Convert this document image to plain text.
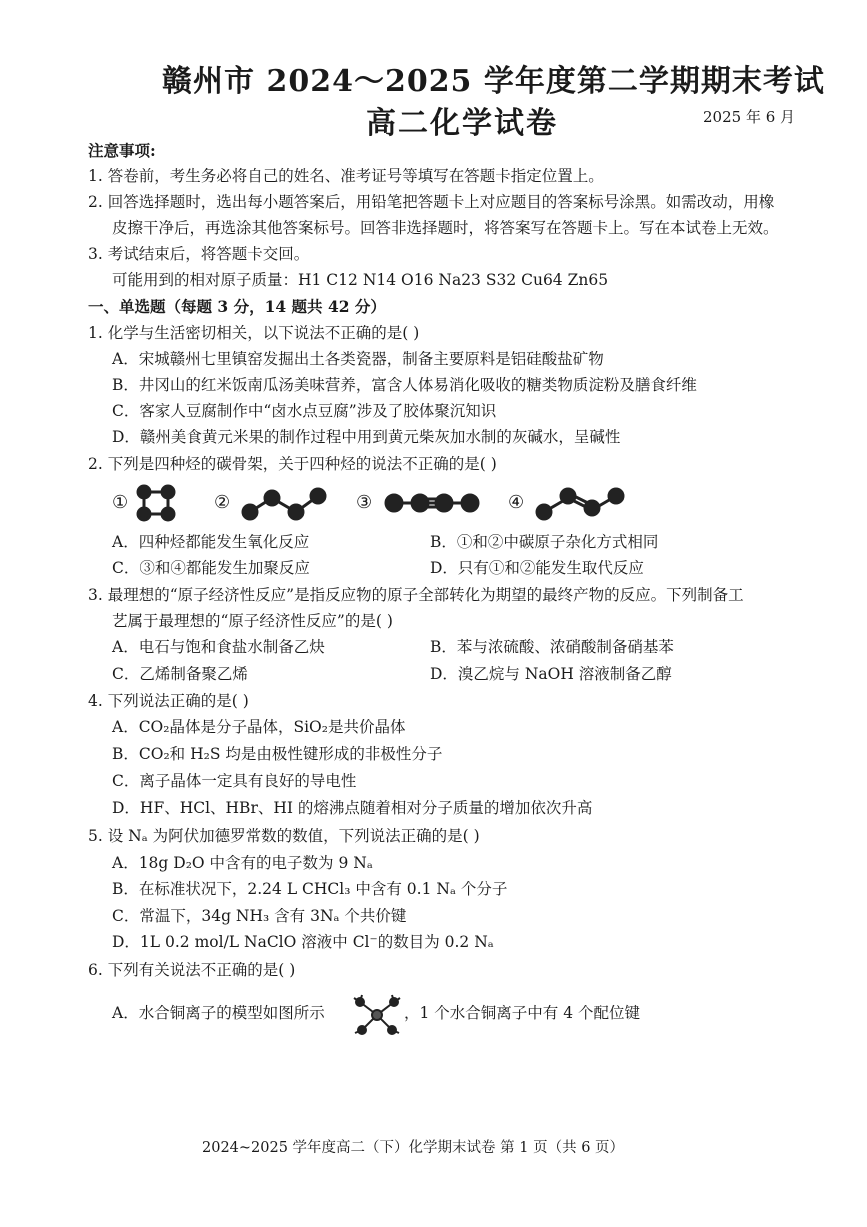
赣州市 2024～2025 学年度第二学期期末考试
高二化学试卷	2025 年 6 月
注意事项:
1. 答卷前，考生务必将自己的姓名、准考证号等填写在答题卡指定位置上。
2. 回答选择题时，选出每小题答案后，用铅笔把答题卡上对应题目的答案标号涂黑。如需改动，用橡
皮擦干净后，再选涂其他答案标号。回答非选择题时，将答案写在答题卡上。写在本试卷上无效。
3. 考试结束后，将答题卡交回。
可能用到的相对原子质量：H1 C12 N14 O16 Na23 S32 Cu64 Zn65
一、单选题（每题 3 分，14 题共 42 分）
1. 化学与生活密切相关，以下说法不正确的是( )
A．宋城赣州七里镇窑发掘出土各类瓷器，制备主要原料是铝硅酸盐矿物
B．井冈山的红米饭南瓜汤美味营养，富含人体易消化吸收的糖类物质淀粉及膳食纤维
C．客家人豆腐制作中“卤水点豆腐”涉及了胶体聚沉知识
D．赣州美食黄元米果的制作过程中用到黄元柴灰加水制的灰碱水，呈碱性
2. 下列是四种烃的碳骨架，关于四种烃的说法不正确的是( )
①	②	③	④
A．四种烃都能发生氧化反应	B．①和②中碳原子杂化方式相同
C．③和④都能发生加聚反应	D．只有①和②能发生取代反应
3. 最理想的“原子经济性反应”是指反应物的原子全部转化为期望的最终产物的反应。下列制备工
艺属于最理想的“原子经济性反应”的是( )
A．电石与饱和食盐水制备乙炔	B．苯与浓硫酸、浓硝酸制备硝基苯
C．乙烯制备聚乙烯	D．溴乙烷与 NaOH 溶液制备乙醇
4. 下列说法正确的是( )
A．CO₂晶体是分子晶体，SiO₂是共价晶体
B．CO₂和 H₂S 均是由极性键形成的非极性分子
C．离子晶体一定具有良好的导电性
D．HF、HCl、HBr、HI 的熔沸点随着相对分子质量的增加依次升高
5. 设 Nₐ 为阿伏加德罗常数的数值，下列说法正确的是( )
A．18g D₂O 中含有的电子数为 9 Nₐ
B．在标准状况下，2.24 L CHCl₃ 中含有 0.1 Nₐ 个分子
C．常温下，34g NH₃ 含有 3Nₐ 个共价键
D．1L 0.2 mol/L NaClO 溶液中 Cl⁻的数目为 0.2 Nₐ
6. 下列有关说法不正确的是( )
A．水合铜离子的模型如图所示	，1 个水合铜离子中有 4 个配位键
2024~2025 学年度高二（下）化学期末试卷 第 1 页（共 6 页）
